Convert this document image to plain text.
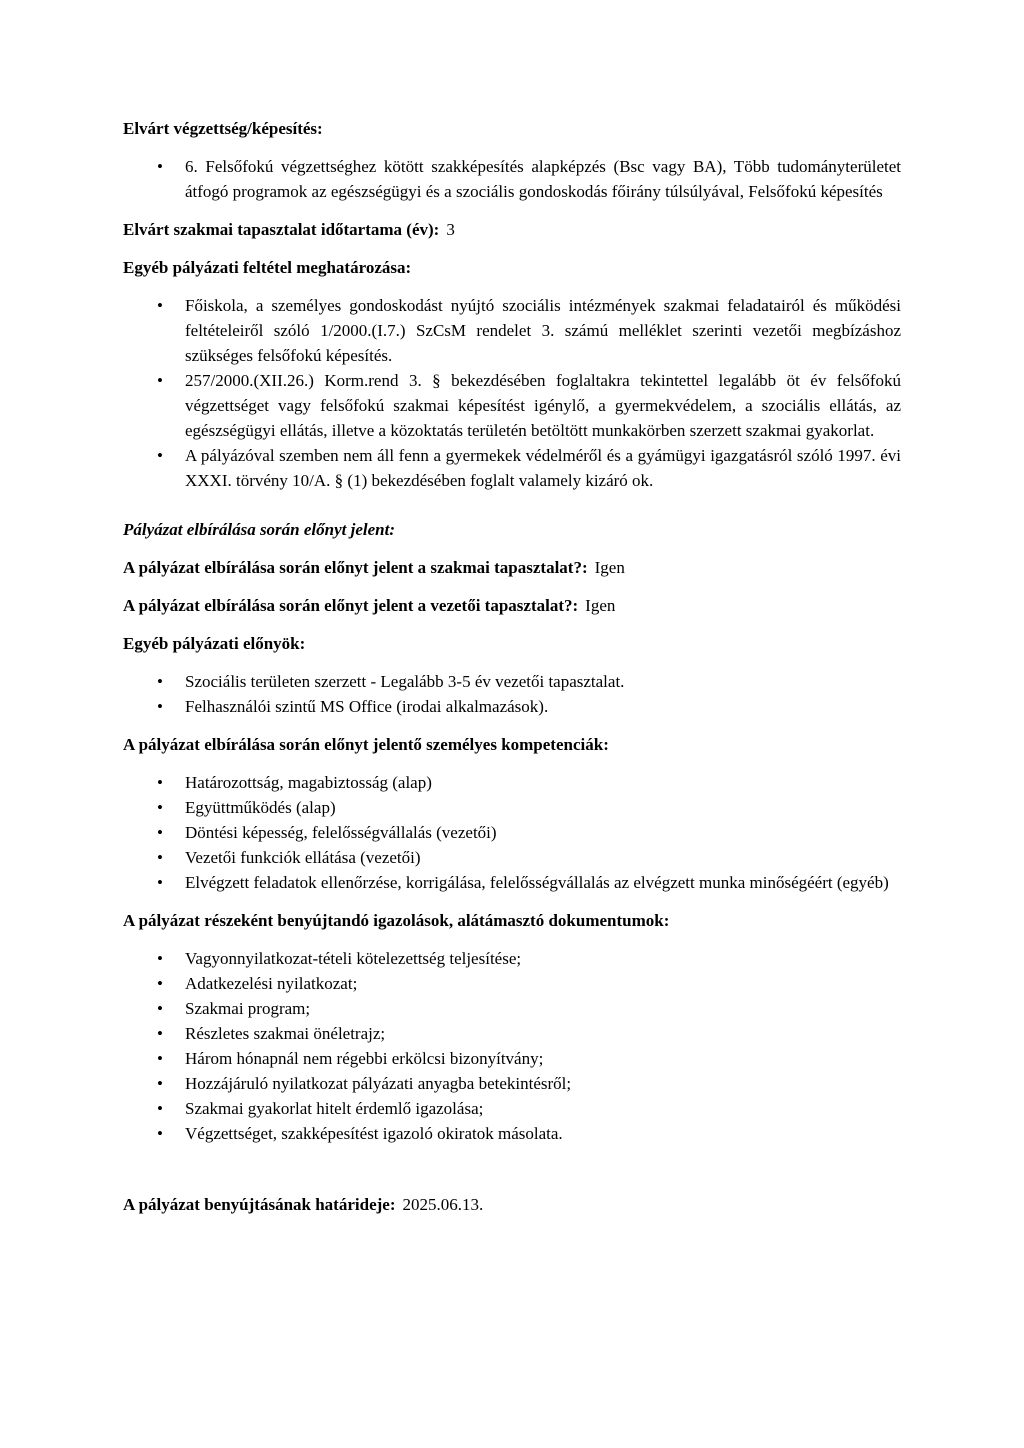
Elvárt végzettség/képesítés:

• 6. Felsőfokú végzettséghez kötött szakképesítés alapképzés (Bsc vagy BA), Több tudományterületet átfogó programok az egészségügyi és a szociális gondoskodás főirány túlsúlyával, Felsőfokú képesítés

Elvárt szakmai tapasztalat időtartama (év): 3

Egyéb pályázati feltétel meghatározása:

• Főiskola, a személyes gondoskodást nyújtó szociális intézmények szakmai feladatairól és működési feltételeiről szóló 1/2000.(I.7.) SzCsM rendelet 3. számú melléklet szerinti vezetői megbízáshoz szükséges felsőfokú képesítés.
• 257/2000.(XII.26.) Korm.rend 3. § bekezdésében foglaltakra tekintettel legalább öt év felsőfokú végzettséget vagy felsőfokú szakmai képesítést igénylő, a gyermekvédelem, a szociális ellátás, az egészségügyi ellátás, illetve a közoktatás területén betöltött munkakörben szerzett szakmai gyakorlat.
• A pályázóval szemben nem áll fenn a gyermekek védelméről és a gyámügyi igazgatásról szóló 1997. évi XXXI. törvény 10/A. § (1) bekezdésében foglalt valamely kizáró ok.

Pályázat elbírálása során előnyt jelent:

A pályázat elbírálása során előnyt jelent a szakmai tapasztalat?: Igen

A pályázat elbírálása során előnyt jelent a vezetői tapasztalat?: Igen

Egyéb pályázati előnyök:

• Szociális területen szerzett - Legalább 3-5 év vezetői tapasztalat.
• Felhasználói szintű MS Office (irodai alkalmazások).

A pályázat elbírálása során előnyt jelentő személyes kompetenciák:

• Határozottság, magabiztosság (alap)
• Együttműködés (alap)
• Döntési képesség, felelősségvállalás (vezetői)
• Vezetői funkciók ellátása (vezetői)
• Elvégzett feladatok ellenőrzése, korrigálása, felelősségvállalás az elvégzett munka minőségéért (egyéb)

A pályázat részeként benyújtandó igazolások, alátámasztó dokumentumok:

• Vagyonnyilatkozat-tételi kötelezettség teljesítése;
• Adatkezelési nyilatkozat;
• Szakmai program;
• Részletes szakmai önéletrajz;
• Három hónapnál nem régebbi erkölcsi bizonyítvány;
• Hozzájáruló nyilatkozat pályázati anyagba betekintésről;
• Szakmai gyakorlat hitelt érdemlő igazolása;
• Végzettséget, szakképesítést igazoló okiratok másolata.

A pályázat benyújtásának határideje: 2025.06.13.
